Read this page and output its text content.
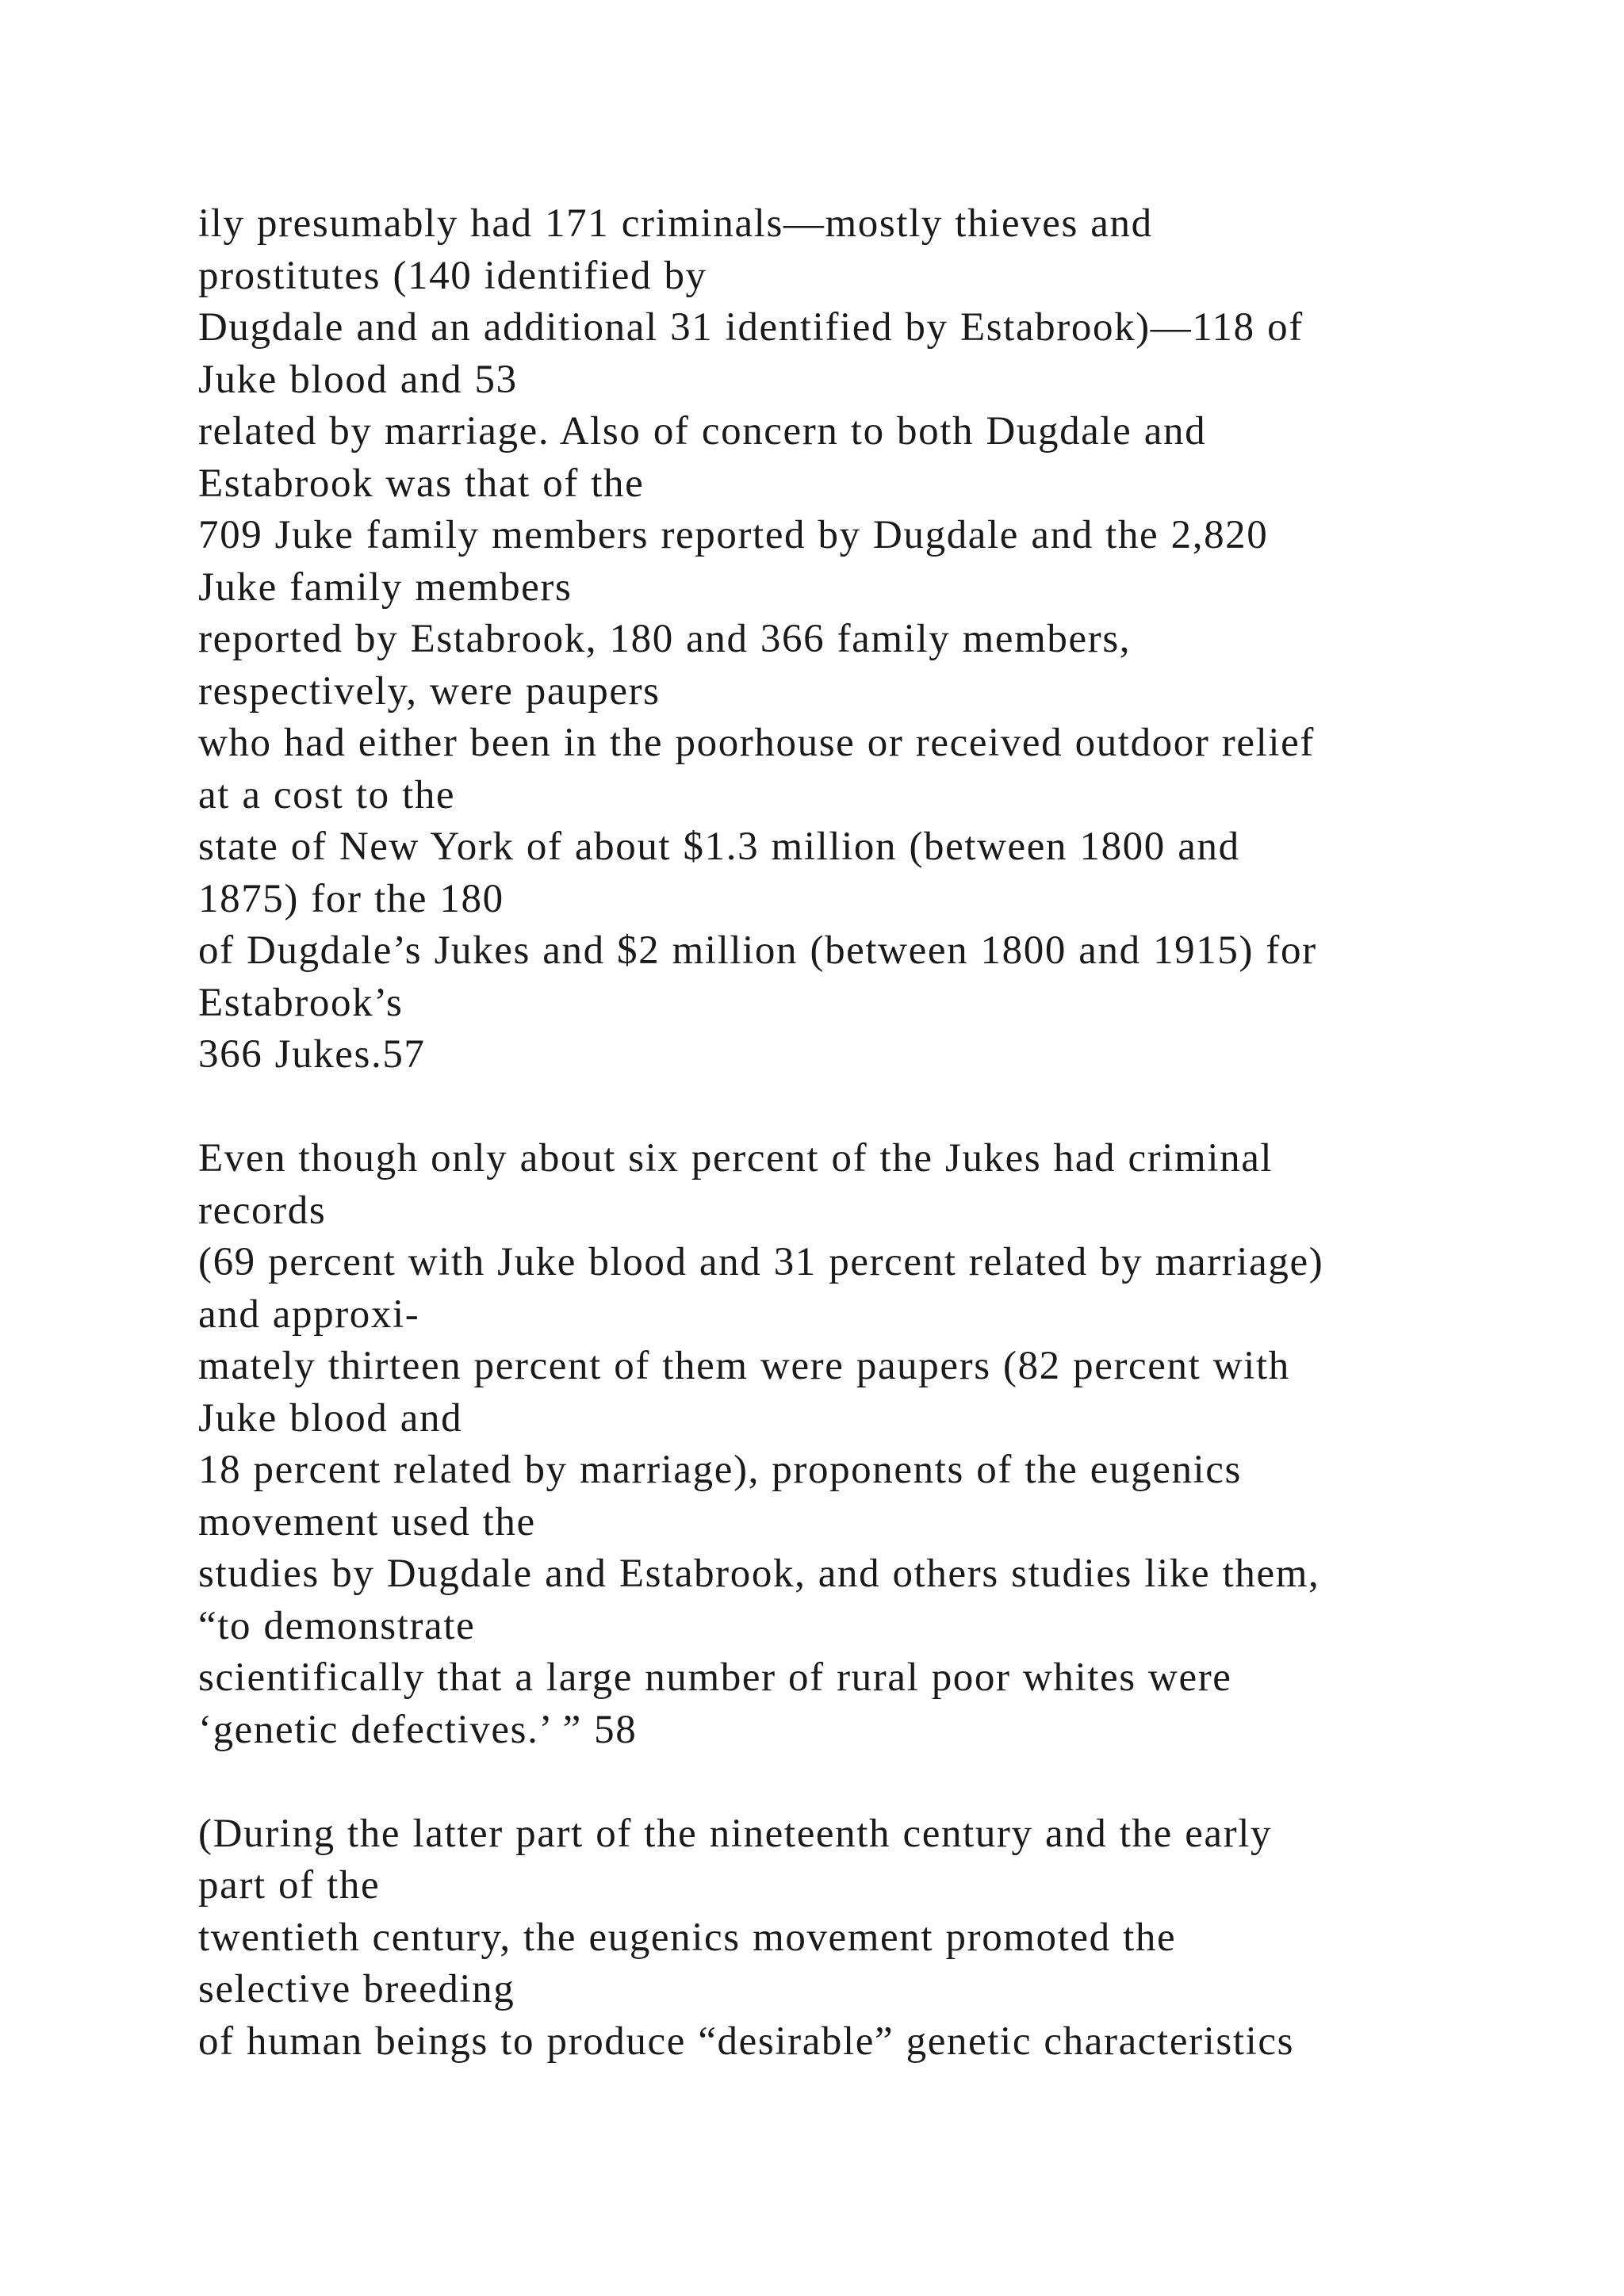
ily presumably had 171 criminals—mostly thieves and
prostitutes (140 identified by
Dugdale and an additional 31 identified by Estabrook)—118 of
Juke blood and 53
related by marriage. Also of concern to both Dugdale and
Estabrook was that of the
709 Juke family members reported by Dugdale and the 2,820
Juke family members
reported by Estabrook, 180 and 366 family members,
respectively, were paupers
who had either been in the poorhouse or received outdoor relief
at a cost to the
state of New York of about $1.3 million (between 1800 and
1875) for the 180
of Dugdale’s Jukes and $2 million (between 1800 and 1915) for
Estabrook’s
366 Jukes.57
Even though only about six percent of the Jukes had criminal
records
(69 percent with Juke blood and 31 percent related by marriage)
and approxi-
mately thirteen percent of them were paupers (82 percent with
Juke blood and
18 percent related by marriage), proponents of the eugenics
movement used the
studies by Dugdale and Estabrook, and others studies like them,
“to demonstrate
scientifically that a large number of rural poor whites were
‘genetic defectives.’ ” 58
(During the latter part of the nineteenth century and the early
part of the
twentieth century, the eugenics movement promoted the
selective breeding
of human beings to produce “desirable” genetic characteristics
